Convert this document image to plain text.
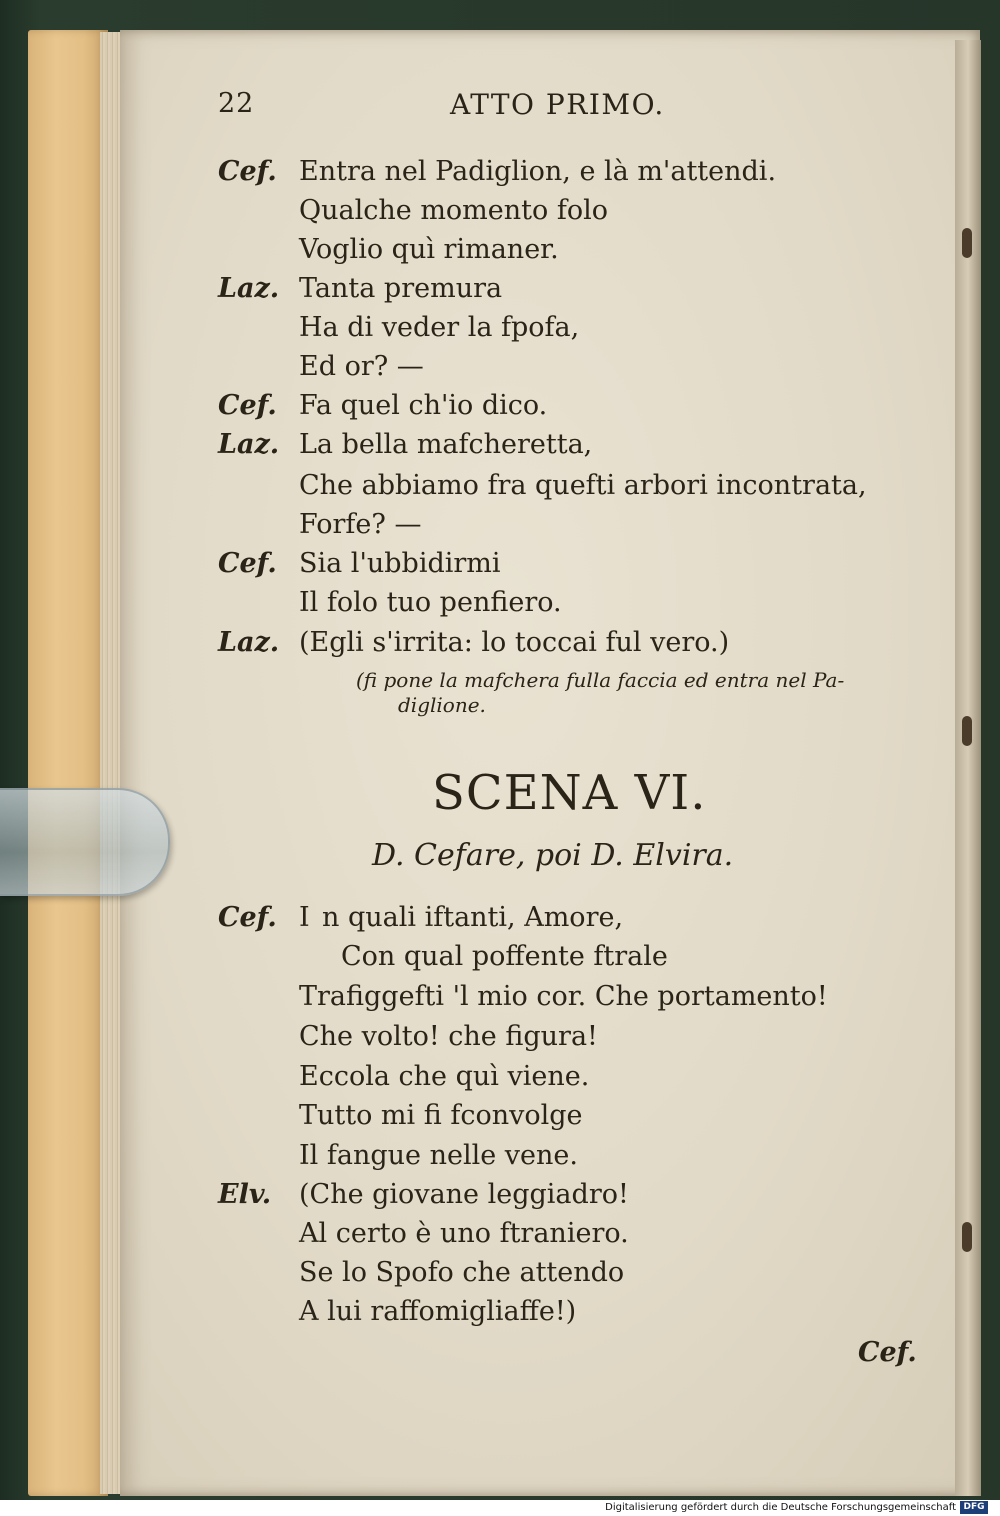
22	ATTO PRIMO.
Cef. Entra nel Padiglion, e là m'attendi.
Qualche momento folo
Voglio quì rimaner.
Laz. Tanta premura
Ha di veder la fpofa,
Ed or? —
Cef. Fa quel ch'io dico.
Laz. La bella mafcheretta,
Che abbiamo fra quefti arbori incontrata,
Forfe? —
Cef. Sia l'ubbidirmi
Il folo tuo penfiero.
Laz. (Egli s'irrita: lo toccai ful vero.)
(fi pone la mafchera fulla faccia ed entra nel Pa-
diglione.
SCENA VI.
D. Cefare, poi D. Elvira.
Cef. I n quali iftanti, Amore,
Con qual poffente ftrale
Trafiggefti 'l mio cor. Che portamento!
Che volto! che figura!
Eccola che quì viene.
Tutto mi fi fconvolge
Il fangue nelle vene.
Elv. (Che giovane leggiadro!
Al certo è uno ftraniero.
Se lo Spofo che attendo
A lui raffomigliaffe!)
Cef.
Digitalisierung gefördert durch die Deutsche Forschungsgemeinschaft DFG
